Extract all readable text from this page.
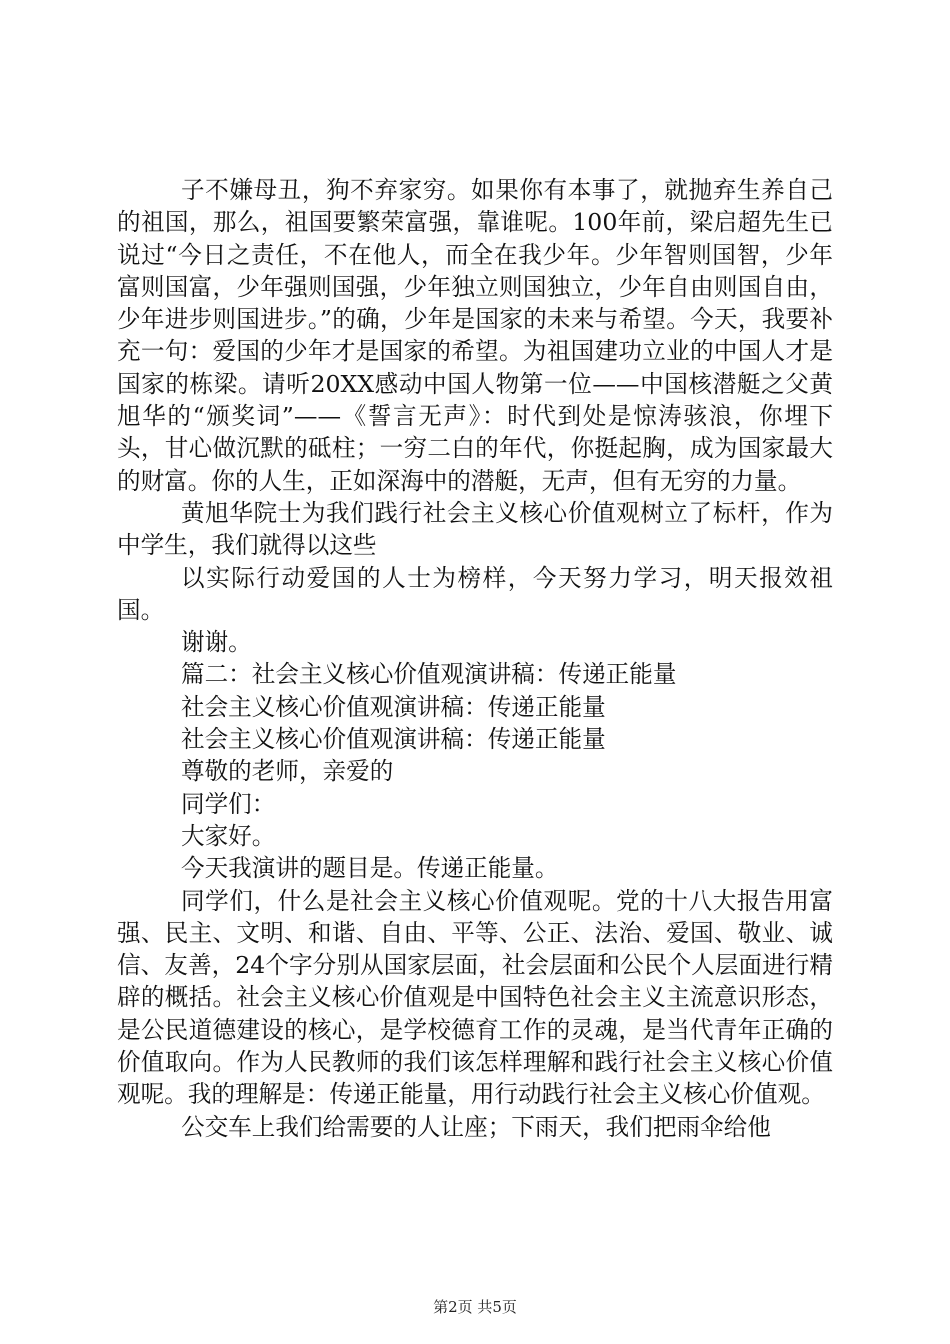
子不嫌母丑，狗不弃家穷。如果你有本事了，就抛弃生养自己的祖国，那么，祖国要繁荣富强，靠谁呢。100年前，梁启超先生已说过“今日之责任，不在他人，而全在我少年。少年智则国智，少年富则国富，少年强则国强，少年独立则国独立，少年自由则国自由，少年进步则国进步。”的确，少年是国家的未来与希望。今天，我要补充一句：爱国的少年才是国家的希望。为祖国建功立业的中国人才是国家的栋梁。请听20XX感动中国人物第一位——中国核潜艇之父黄旭华的“颁奖词”——《誓言无声》：时代到处是惊涛骇浪，你埋下头，甘心做沉默的砥柱；一穷二白的年代，你挺起胸，成为国家最大的财富。你的人生，正如深海中的潜艇，无声，但有无穷的力量。

黄旭华院士为我们践行社会主义核心价值观树立了标杆，作为中学生，我们就得以这些

以实际行动爱国的人士为榜样，今天努力学习，明天报效祖国。

谢谢。

篇二：社会主义核心价值观演讲稿：传递正能量

社会主义核心价值观演讲稿：传递正能量

社会主义核心价值观演讲稿：传递正能量

尊敬的老师，亲爱的

同学们：

大家好。

今天我演讲的题目是。传递正能量。

同学们，什么是社会主义核心价值观呢。党的十八大报告用富强、民主、文明、和谐、自由、平等、公正、法治、爱国、敬业、诚信、友善，24个字分别从国家层面，社会层面和公民个人层面进行精辟的概括。社会主义核心价值观是中国特色社会主义主流意识形态，是公民道德建设的核心，是学校德育工作的灵魂，是当代青年正确的价值取向。作为人民教师的我们该怎样理解和践行社会主义核心价值观呢。我的理解是：传递正能量，用行动践行社会主义核心价值观。

公交车上我们给需要的人让座；下雨天，我们把雨伞给他

第2页 共5页
